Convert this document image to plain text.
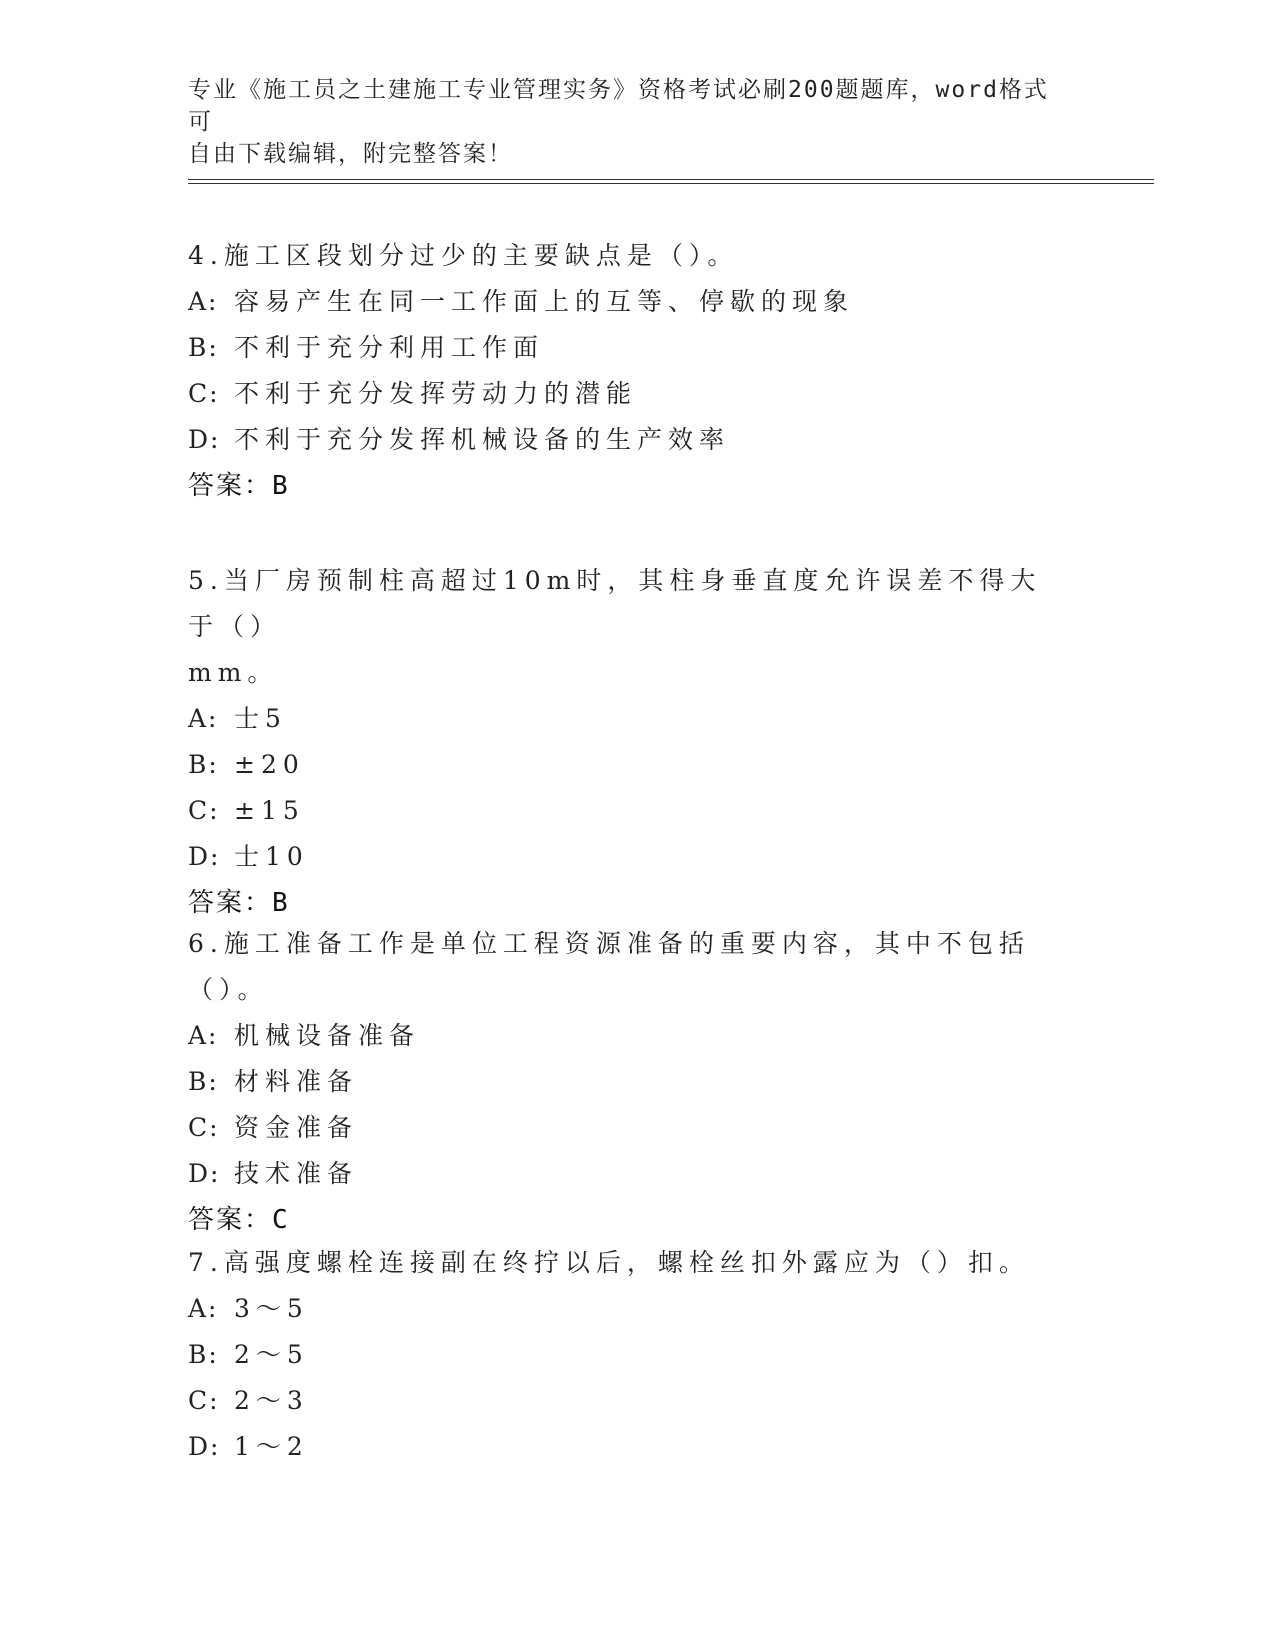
专业《施工员之土建施工专业管理实务》资格考试必刷200题题库，word格式可
自由下载编辑，附完整答案！

4.施工区段划分过少的主要缺点是（）。

A: 容易产生在同一工作面上的互等、停歇的现象

B: 不利于充分利用工作面

C: 不利于充分发挥劳动力的潜能

D: 不利于充分发挥机械设备的生产效率

答案：B

5.当厂房预制柱高超过10m时，其柱身垂直度允许误差不得大于（）

mm。

A: 士5

B: ±20

C: ±15

D: 士10

答案：B

6.施工准备工作是单位工程资源准备的重要内容，其中不包括（）。

A: 机械设备准备

B: 材料准备

C: 资金准备

D: 技术准备

答案：C

7.高强度螺栓连接副在终拧以后，螺栓丝扣外露应为（）扣。

A: 3～5

B: 2～5

C: 2～3

D: 1～2
